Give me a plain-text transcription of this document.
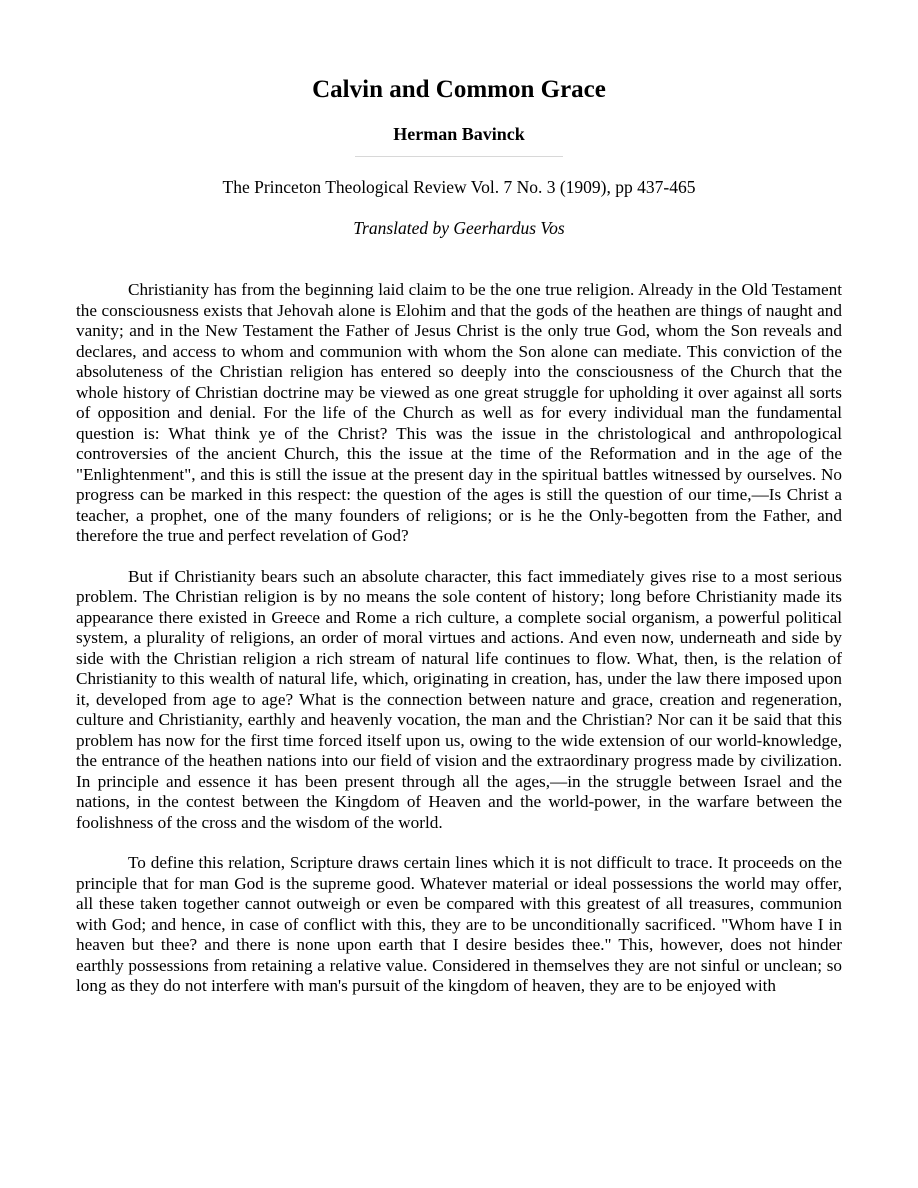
Calvin and Common Grace
Herman Bavinck
The Princeton Theological Review Vol. 7 No. 3 (1909), pp 437-465
Translated by Geerhardus Vos

Christianity has from the beginning laid claim to be the one true religion. Already in the Old Testament the consciousness exists that Jehovah alone is Elohim and that the gods of the heathen are things of naught and vanity; and in the New Testament the Father of Jesus Christ is the only true God, whom the Son reveals and declares, and access to whom and communion with whom the Son alone can mediate. This conviction of the absoluteness of the Christian religion has entered so deeply into the consciousness of the Church that the whole history of Christian doctrine may be viewed as one great struggle for upholding it over against all sorts of opposition and denial. For the life of the Church as well as for every individual man the fundamental question is: What think ye of the Christ? This was the issue in the christological and anthropological controversies of the ancient Church, this the issue at the time of the Reformation and in the age of the "Enlightenment", and this is still the issue at the present day in the spiritual battles witnessed by ourselves. No progress can be marked in this respect: the question of the ages is still the question of our time,—Is Christ a teacher, a prophet, one of the many founders of religions; or is he the Only-begotten from the Father, and therefore the true and perfect revelation of God?

But if Christianity bears such an absolute character, this fact immediately gives rise to a most serious problem. The Christian religion is by no means the sole content of history; long before Christianity made its appearance there existed in Greece and Rome a rich culture, a complete social organism, a powerful political system, a plurality of religions, an order of moral virtues and actions. And even now, underneath and side by side with the Christian religion a rich stream of natural life continues to flow. What, then, is the relation of Christianity to this wealth of natural life, which, originating in creation, has, under the law there imposed upon it, developed from age to age? What is the connection between nature and grace, creation and regeneration, culture and Christianity, earthly and heavenly vocation, the man and the Christian? Nor can it be said that this problem has now for the first time forced itself upon us, owing to the wide extension of our world-knowledge, the entrance of the heathen nations into our field of vision and the extraordinary progress made by civilization. In principle and essence it has been present through all the ages,—in the struggle between Israel and the nations, in the contest between the Kingdom of Heaven and the world-power, in the warfare between the foolishness of the cross and the wisdom of the world.

To define this relation, Scripture draws certain lines which it is not difficult to trace. It proceeds on the principle that for man God is the supreme good. Whatever material or ideal possessions the world may offer, all these taken together cannot outweigh or even be compared with this greatest of all treasures, communion with God; and hence, in case of conflict with this, they are to be unconditionally sacrificed. "Whom have I in heaven but thee? and there is none upon earth that I desire besides thee." This, however, does not hinder earthly possessions from retaining a relative value. Considered in themselves they are not sinful or unclean; so long as they do not interfere with man's pursuit of the kingdom of heaven, they are to be enjoyed with
